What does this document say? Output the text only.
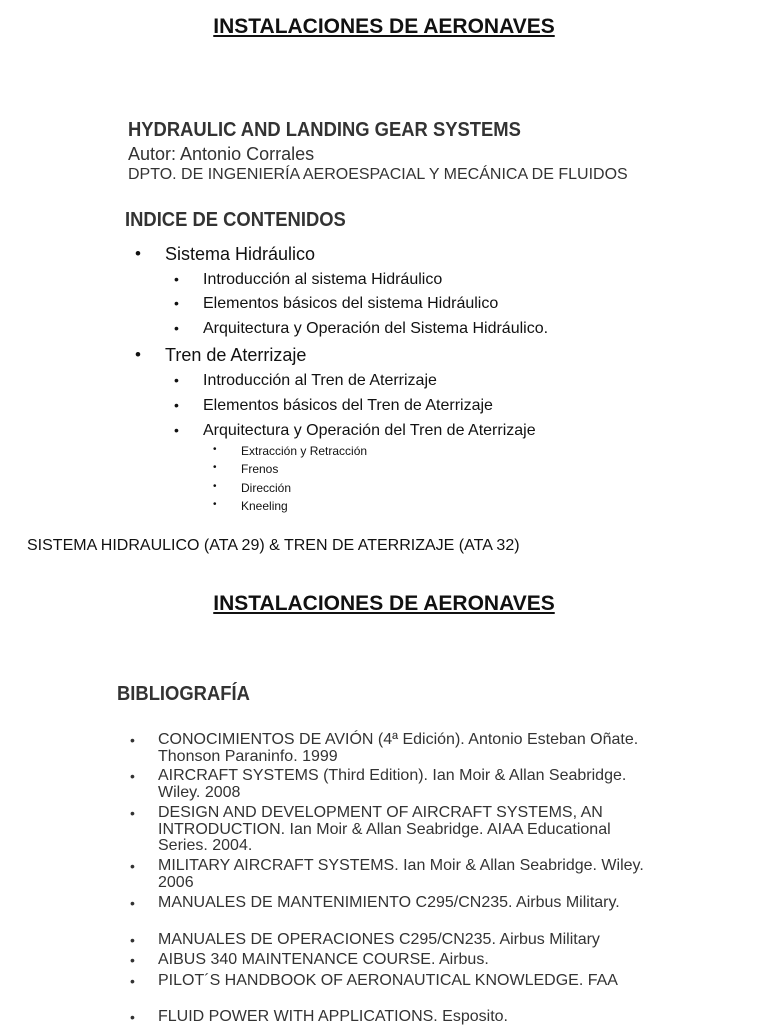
INSTALACIONES DE AERONAVES
HYDRAULIC AND LANDING GEAR SYSTEMS
Autor: Antonio Corrales
DPTO. DE INGENIERÍA AEROESPACIAL Y MECÁNICA DE FLUIDOS
INDICE DE CONTENIDOS
• Sistema Hidráulico
• Introducción al sistema Hidráulico
• Elementos básicos del sistema Hidráulico
• Arquitectura y Operación del Sistema Hidráulico.
• Tren de Aterrizaje
• Introducción al Tren de Aterrizaje
• Elementos básicos del Tren de Aterrizaje
• Arquitectura y Operación del Tren de Aterrizaje
• Extracción y Retracción
• Frenos
• Dirección
• Kneeling
SISTEMA HIDRAULICO (ATA 29) & TREN DE ATERRIZAJE (ATA 32)
INSTALACIONES DE AERONAVES
BIBLIOGRAFÍA
• CONOCIMIENTOS DE AVIÓN (4ª Edición). Antonio Esteban Oñate. Thonson Paraninfo. 1999
• AIRCRAFT SYSTEMS (Third Edition). Ian Moir & Allan Seabridge. Wiley. 2008
• DESIGN AND DEVELOPMENT OF AIRCRAFT SYSTEMS, AN INTRODUCTION. Ian Moir & Allan Seabridge. AIAA Educational Series. 2004.
• MILITARY AIRCRAFT SYSTEMS. Ian Moir & Allan Seabridge. Wiley. 2006
• MANUALES DE MANTENIMIENTO C295/CN235. Airbus Military.
• MANUALES DE OPERACIONES C295/CN235. Airbus Military
• AIBUS 340 MAINTENANCE COURSE. Airbus.
• PILOT´S HANDBOOK OF AERONAUTICAL KNOWLEDGE. FAA
• FLUID POWER WITH APPLICATIONS. Esposito.
